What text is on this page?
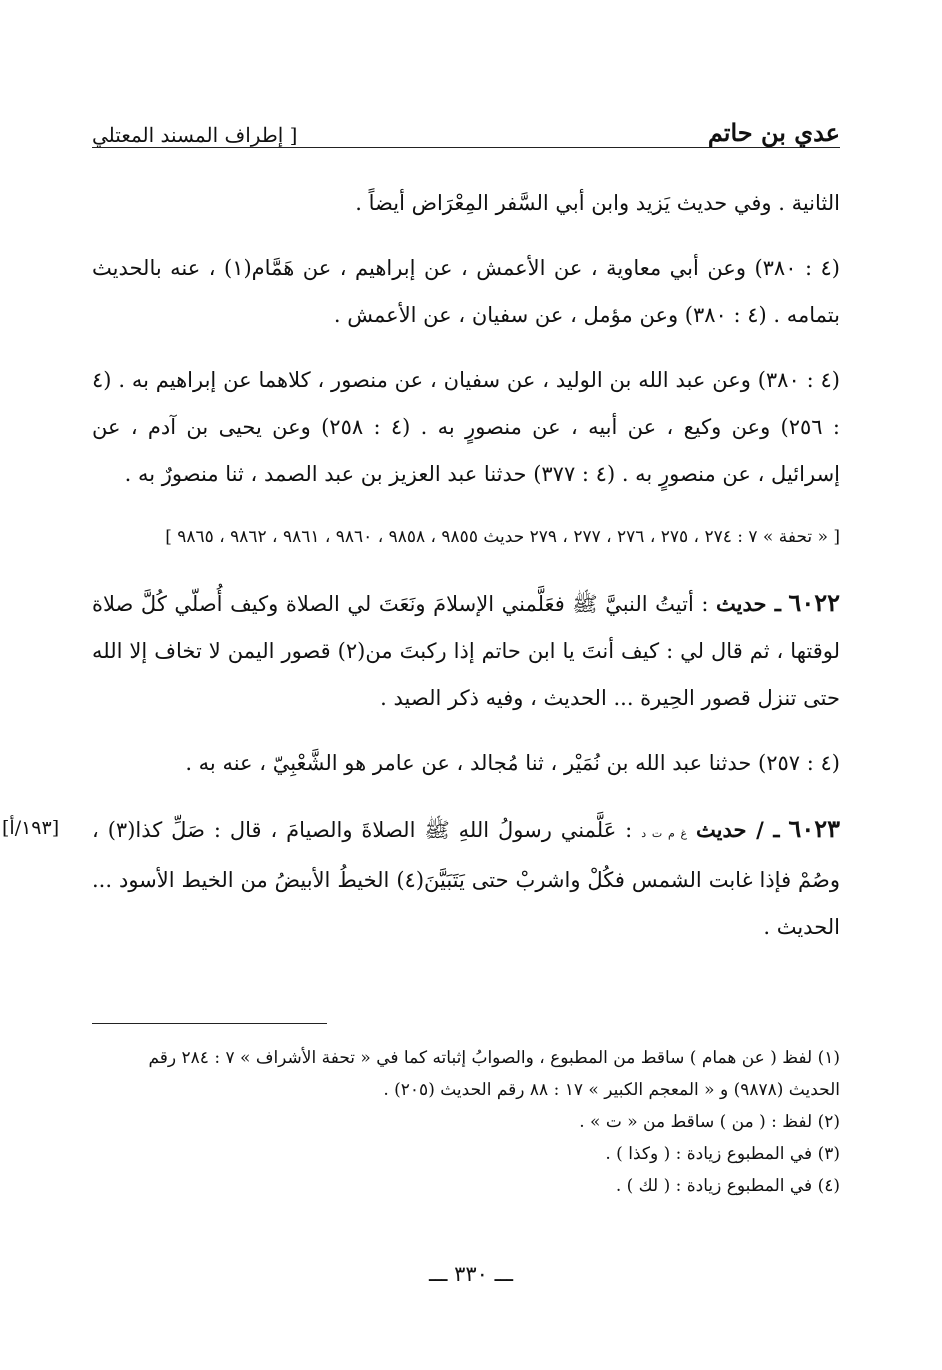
عدي بن حاتم
[ إطراف المسند المعتلي

الثانية . وفي حديث يَزيد وابن أبي السَّفر المِعْرَاض أيضاً .

(٤ : ٣٨٠) وعن أبي معاوية ، عن الأعمش ، عن إبراهيم ، عن هَمَّام(١) ، عنه بالحديث بتمامه . (٤ : ٣٨٠) وعن مؤمل ، عن سفيان ، عن الأعمش .

(٤ : ٣٨٠) وعن عبد الله بن الوليد ، عن سفيان ، عن منصور ، كلاهما عن إبراهيم به . (٤ : ٢٥٦) وعن وكيع ، عن أبيه ، عن منصورٍ به . (٤ : ٢٥٨) وعن يحيى بن آدم ، عن إسرائيل ، عن منصورٍ به . (٤ : ٣٧٧) حدثنا عبد العزيز بن عبد الصمد ، ثنا منصورٌ به .

[ « تحفة » ٧ : ٢٧٤ ، ٢٧٥ ، ٢٧٦ ، ٢٧٧ ، ٢٧٩ حديث ٩٨٥٥ ، ٩٨٥٨ ، ٩٨٦٠ ، ٩٨٦١ ، ٩٨٦٢ ، ٩٨٦٥ ]

٦٠٢٢ ـ حديث : أتيتُ النبيَّ ﷺ فعَلَّمني الإسلامَ ونَعَتَ لي الصلاة وكيف أُصلّي كُلَّ صلاة لوقتها ، ثم قال لي : كيف أنتَ يا ابن حاتم إذا ركبتَ من(٢) قصور اليمن لا تخاف إلا الله حتى تنزل قصور الحِيرة ... الحديث ، وفيه ذكر الصيد .

(٤ : ٢٥٧) حدثنا عبد الله بن نُمَيْر ، ثنا مُجالد ، عن عامر هو الشَّعْبِيّ ، عنه به .

[١٩٣/أ]	٦٠٢٣ ـ / حديث غ م ت د : عَلَّمني رسولُ اللهِ ﷺ الصلاةَ والصيامَ ، قال : صَلِّ كذا(٣) ، وصُمْ فإذا غابت الشمس فكُلْ واشربْ حتى يَتَبَيَّنَ(٤) الخيطُ الأبيضُ من الخيط الأسود ... الحديث .

(١) لفظ ( عن همام ) ساقط من المطبوع ، والصوابُ إثباته كما في « تحفة الأشراف » ٧ : ٢٨٤ رقم الحديث (٩٨٧٨) و « المعجم الكبير » ١٧ : ٨٨ رقم الحديث (٢٠٥) .

(٢) لفظ : ( من ) ساقط من « ت » .

(٣) في المطبوع زيادة : ( وكذا ) .

(٤) في المطبوع زيادة : ( لك ) .

ـــ ٣٣٠ ـــ
